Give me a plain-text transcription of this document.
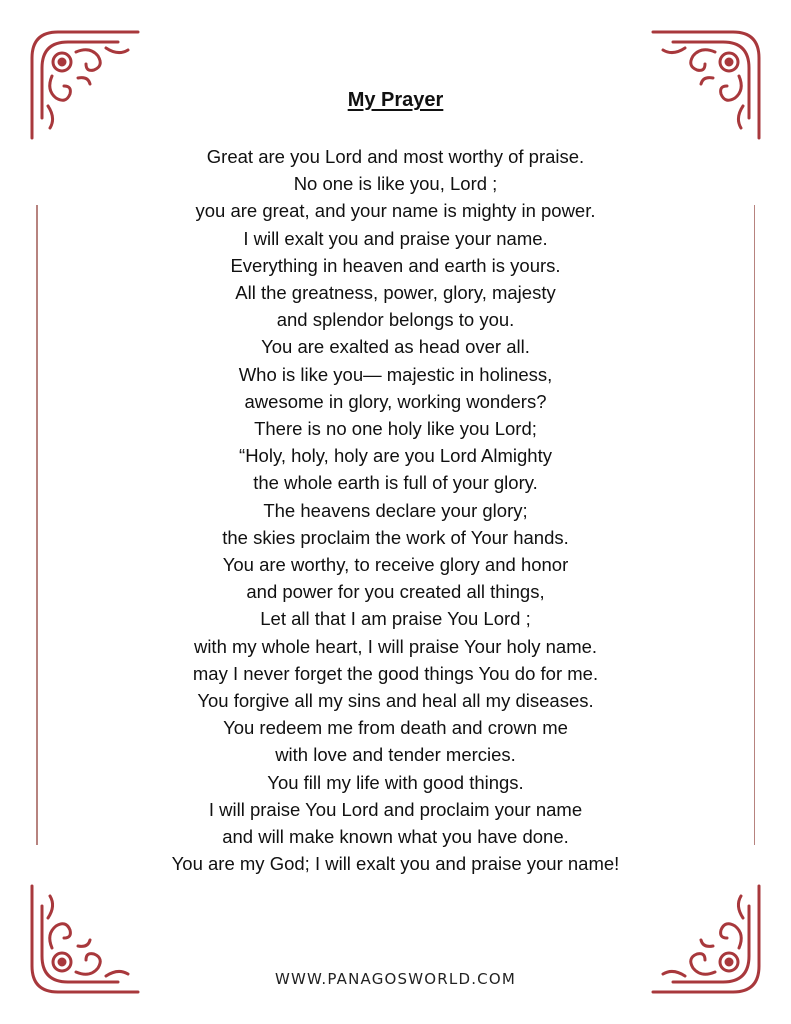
My Prayer
Great are you Lord and most worthy of praise.
No one is like you, Lord ;
you are great, and your name is mighty in power.
I will exalt you and praise your name.
Everything in heaven and earth is yours.
All the greatness, power, glory, majesty
and splendor belongs to you.
You are exalted as head over all.
Who is like you— majestic in holiness,
awesome in glory, working wonders?
There is no one holy like you Lord;
“Holy, holy, holy are you Lord Almighty
the whole earth is full of your glory.
The heavens declare your glory;
the skies proclaim the work of Your hands.
You are worthy, to receive glory and honor
and power for you created all things,
Let all that I am praise You Lord ;
with my whole heart, I will praise Your holy name.
may I never forget the good things You do for me.
You forgive all my sins and heal all my diseases.
You redeem me from death and crown me
with love and tender mercies.
You fill my life with good things.
I will praise You Lord and proclaim your name
and will make known what you have done.
You are my God; I will exalt you and praise your name!
WWW.PANAGOSWORLD.COM
